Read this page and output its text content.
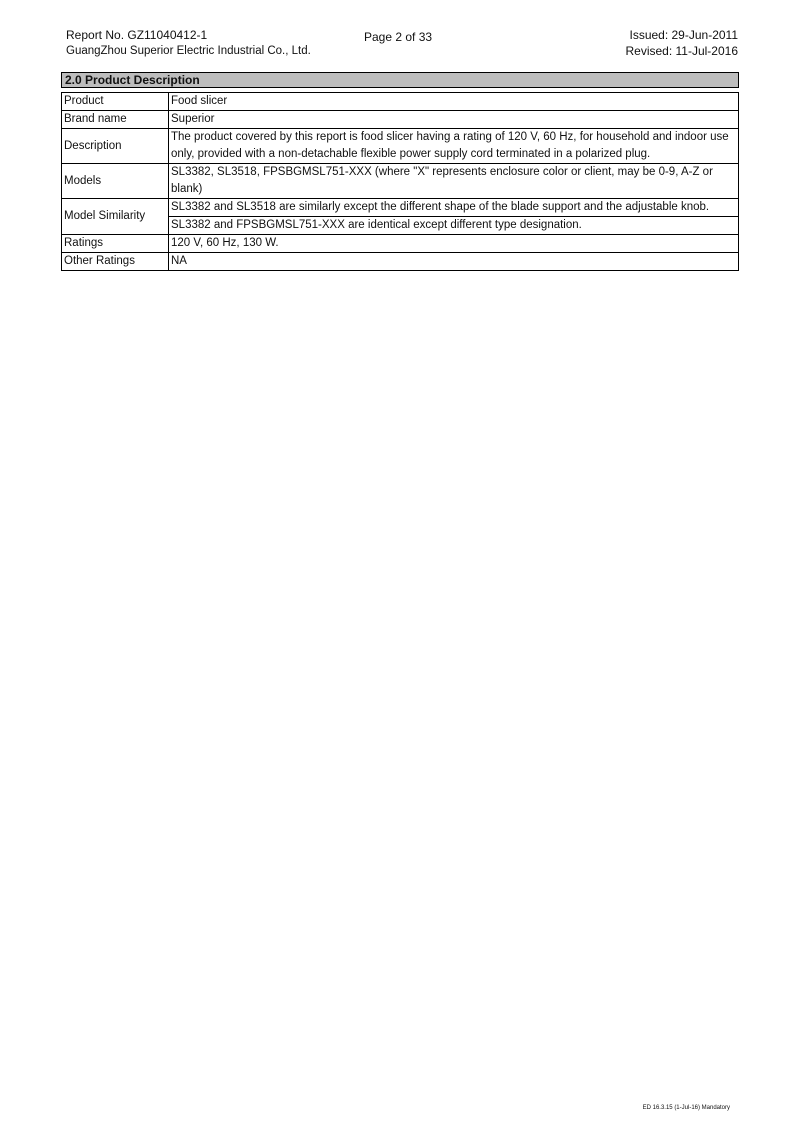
Report No. GZ11040412-1
GuangZhou Superior Electric Industrial Co., Ltd.
Page 2 of 33	Issued: 29-Jun-2011
Revised: 11-Jul-2016
2.0 Product Description
Product	Food slicer
Brand name	Superior
Description	The product covered by this report is food slicer having a rating of 120 V, 60 Hz, for household and indoor use only, provided with a non-detachable flexible power supply cord terminated in a polarized plug.
Models	SL3382, SL3518, FPSBGMSL751-XXX (where "X" represents enclosure color or client, may be 0-9, A-Z or blank)
Model Similarity	SL3382 and SL3518 are similarly except the different shape of the blade support and the adjustable knob.
	SL3382 and FPSBGMSL751-XXX are identical except different type designation.
Ratings	120 V, 60 Hz, 130 W.
Other Ratings	NA
ED 16.3.15 (1-Jul-16) Mandatory
